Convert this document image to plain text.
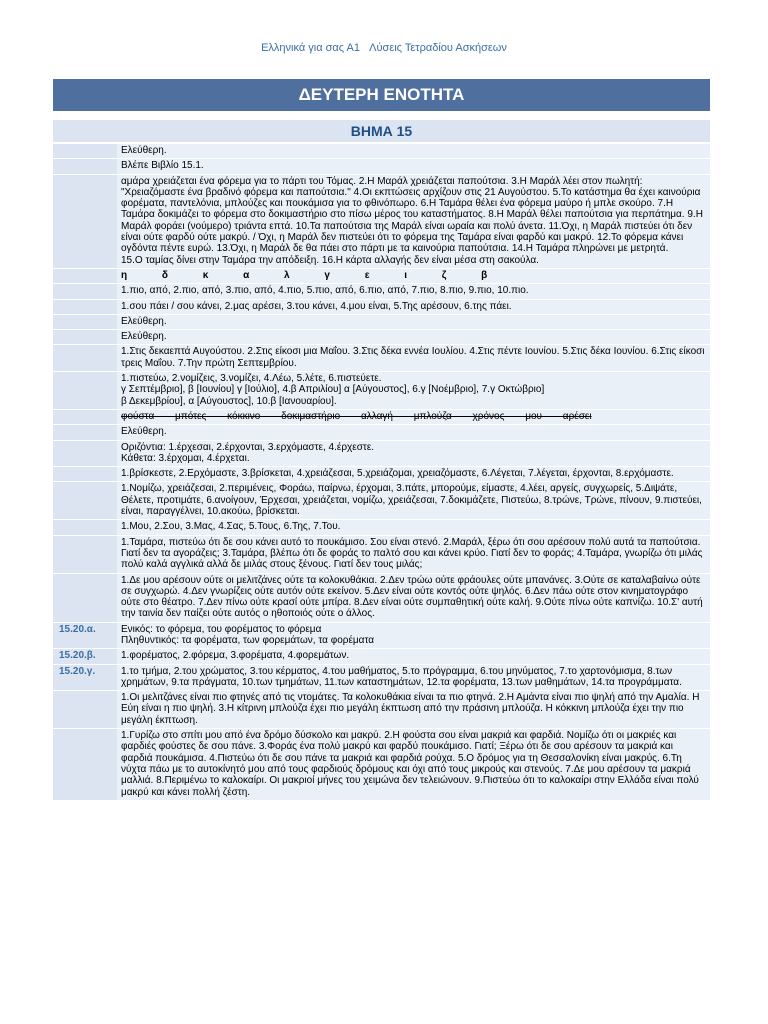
Ελληνικά για σας Α1 Λύσεις Τετραδίου Ασκήσεων
ΔΕΥΤΕΡΗ ΕΝΟΤΗΤΑ
ΒΗΜΑ 15
Ελεύθερη.
Βλέπε Βιβλίο 15.1.
αμάρα χρειάζεται ένα φόρεμα για το πάρτι του Τόμας. 2.Η Μαράλ χρειάζεται παπούτσια. 3.Η Μαράλ λέει στον πωλητή: "Χρειαζόμαστε ένα βραδινό φόρεμα και παπούτσια." 4.Οι εκπτώσεις αρχίζουν στις 21 Αυγούστου. 5.Το κατάστημα θα έχει καινούρια φορέματα, παντελόνια, μπλούζες και πουκάμισα για το φθινόπωρο. 6.Η Ταμάρα θέλει ένα φόρεμα μαύρο ή μπλε σκούρο. 7.Η Ταμάρα δοκιμάζει το φόρεμα στο δοκιμαστήριο στο πίσω μέρος του καταστήματος. 8.Η Μαράλ θέλει παπούτσια για περπάτημα. 9.Η Μαράλ φοράει (νούμερο) τριάντα επτά. 10.Τα παπούτσια της Μαράλ είναι ωραία και πολύ άνετα. 11.Όχι, η Μαράλ πιστεύει ότι δεν είναι ούτε φαρδύ ούτε μακρύ. / Όχι, η Μαράλ δεν πιστεύει ότι το φόρεμα της Ταμάρα είναι φαρδύ και μακρύ. 12.Το φόρεμα κάνει ογδόντα πέντε ευρώ. 13.Όχι, η Μαράλ δε θα πάει στο πάρτι με τα καινούρια παπούτσια. 14.Η Ταμάρα πληρώνει με μετρητά.
15.Ο ταμίας δίνει στην Ταμάρα την απόδειξη. 16.Η κάρτα αλλαγής δεν είναι μέσα στη σακούλα.
η δ κ α λ γ ε ι ζ β
1.πιο, από, 2.πιο, από, 3.πιο, από, 4.πιο, 5.πιο, από, 6.πιο, από, 7.πιο, 8.πιο, 9.πιο, 10.πιο.
1.σου πάει / σου κάνει, 2.μας αρέσει, 3.του κάνει, 4.μου είναι, 5.Της αρέσουν, 6.της πάει.
Ελεύθερη.
Ελεύθερη.
1.Στις δεκαεπτά Αυγούστου. 2.Στις είκοσι μια Μαΐου. 3.Στις δέκα εννέα Ιουλίου. 4.Στις πέντε Ιουνίου. 5.Στις δέκα Ιουνίου. 6.Στις είκοσι τρεις Μαΐου. 7.Την πρώτη Σεπτεμβρίου.
1.πιστεύω, 2.νομίζεις, 3.νομίζει, 4.Λέω, 5.λέτε, 6.πιστεύετε.
γ Σεπτέμβριο], β [Ιουνίου] γ [Ιούλιο], 4.β Απριλίου] α [Αύγουστος], 6.γ [Νοέμβριο], 7.γ Οκτώβριο]
β Δεκεμβρίου], α [Αύγουστος], 10.β [Ιανουαρίου].
φούστα μπότες κόκκινο δοκιμαστήριο αλλαγή μπλούζα χρόνος μου αρέσει
Ελεύθερη.
Οριζόντια: 1.έρχεσαι, 2.έρχονται, 3.ερχόμαστε, 4.έρχεστε.
Κάθετα: 3.έρχομαι, 4.έρχεται.
1.βρίσκεστε, 2.Ερχόμαστε, 3.βρίσκεται, 4.χρειάζεσαι, 5.χρειάζομαι, χρειαζόμαστε, 6.Λέγεται, 7.λέγεται, έρχονται, 8.ερχόμαστε.
1.Νομίζω, χρειάζεσαι, 2.περιμένεις, Φοράω, παίρνω, έρχομαι, 3.πάτε, μπορούμε, είμαστε, 4.λέει, αργείς, συγχωρείς, 5.Διψάτε, Θέλετε, προτιμάτε, 6.ανοίγουν, Έρχεσαι, χρειάζεται, νομίζω, χρειάζεσαι, 7.δοκιμάζετε, Πιστεύω, 8.τρώνε, Τρώνε, πίνουν, 9.πιστεύει, είναι, παραγγέλνει, 10.ακούω, βρίσκεται.
1.Μου, 2.Σου, 3.Μας, 4.Σας, 5.Τους, 6.Της, 7.Του.
1.Ταμάρα, πιστεύω ότι δε σου κάνει αυτό το πουκάμισο. Σου είναι στενό. 2.Μαράλ, ξέρω ότι σου αρέσουν πολύ αυτά τα παπούτσια. Γιατί δεν τα αγοράζεις; 3.Ταμάρα, βλέπω ότι δε φοράς το παλτό σου και κάνει κρύο. Γιατί δεν το φοράς; 4.Ταμάρα, γνωρίζω ότι μιλάς πολύ καλά αγγλικά αλλά δε μιλάς στους ξένους. Γιατί δεν τους μιλάς;
1.Δε μου αρέσουν ούτε οι μελιτζάνες ούτε τα κολοκυθάκια. 2.Δεν τρώω ούτε φράουλες ούτε μπανάνες. 3.Ούτε σε καταλαβαίνω ούτε σε συγχωρώ. 4.Δεν γνωρίζεις ούτε αυτόν ούτε εκείνον. 5.Δεν είναι ούτε κοντός ούτε ψηλός. 6.Δεν πάω ούτε στον κινηματογράφο ούτε στο θέατρο. 7.Δεν πίνω ούτε κρασί ούτε μπίρα. 8.Δεν είναι ούτε συμπαθητική ούτε καλή. 9.Ούτε πίνω ούτε καπνίζω. 10.Σ' αυτή την ταινία δεν παίζει ούτε αυτός ο ηθοποιός ούτε ο άλλος.
15.20.α.	Ενικός: το φόρεμα, του φορέματος το φόρεμα
Πληθυντικός: τα φορέματα, των φορεμάτων, τα φορέματα
15.20.β.	1.φορέματος, 2.φόρεμα, 3.φορέματα, 4.φορεμάτων.
15.20.γ.	1.το τμήμα, 2.του χρώματος, 3.του κέρματος, 4.του μαθήματος, 5.το πρόγραμμα, 6.του μηνύματος, 7.το χαρτονόμισμα, 8.των χρημάτων, 9.τα πράγματα, 10.των τμημάτων, 11.των καταστημάτων, 12.τα φορέματα, 13.των μαθημάτων, 14.τα προγράμματα.
1.Οι μελιτζάνες είναι πιο φτηνές από τις ντομάτες. Τα κολοκυθάκια είναι τα πιο φτηνά. 2.Η Αμάντα είναι πιο ψηλή από την Αμαλία. Η Εύη είναι η πιο ψηλή. 3.Η κίτρινη μπλούζα έχει πιο μεγάλη έκπτωση από την πράσινη μπλούζα. Η κόκκινη μπλούζα έχει την πιο μεγάλη έκπτωση.
1.Γυρίζω στο σπίτι μου από ένα δρόμο δύσκολο και μακρύ. 2.Η φούστα σου είναι μακριά και φαρδιά. Νομίζω ότι οι μακριές και φαρδιές φούστες δε σου πάνε. 3.Φοράς ένα πολύ μακρύ και φαρδύ πουκάμισο. Γιατί; Ξέρω ότι δε σου αρέσουν τα μακριά και φαρδιά πουκάμισα. 4.Πιστεύω ότι δε σου πάνε τα μακριά και φαρδιά ρούχα. 5.Ο δρόμος για τη Θεσσαλονίκη είναι μακρύς. 6.Τη νύχτα πάω με το αυτοκίνητό μου από τους φαρδιούς δρόμους και όχι από τους μικρούς και στενούς. 7.Δε μου αρέσουν τα μακριά μαλλιά. 8.Περιμένω το καλοκαίρι. Οι μακριοί μήνες του χειμώνα δεν τελειώνουν. 9.Πιστεύω ότι το καλοκαίρι στην Ελλάδα είναι πολύ μακρύ και κάνει πολλή ζέστη.
